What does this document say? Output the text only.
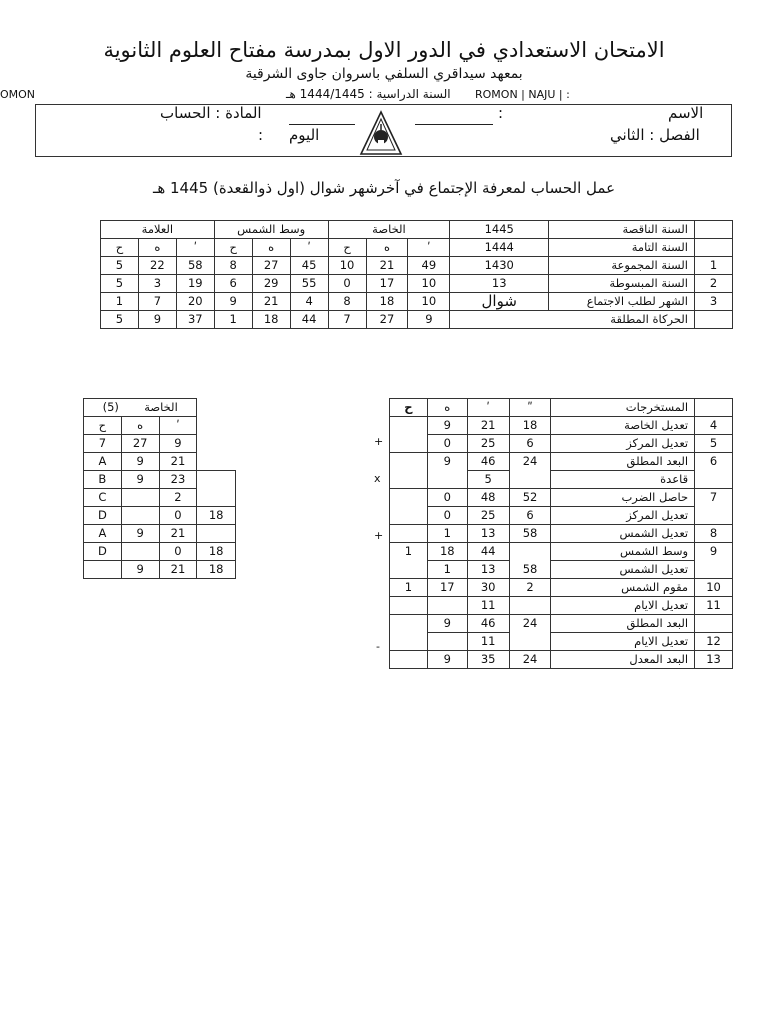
الامتحان الاستعدادي في الدور الاول بمدرسة مفتاح العلوم الثانوية
بمعهد سيداقري السلفي باسروان جاوى الشرقية
OMON	السنة الدراسية : 1444/1445 هـ ROMON | NAJU | :
الاسم
:
المادة : الحساب
الفصل : الثاني
اليوم
:
عمل الحساب لمعرفة الإجتماع في آخرشهر شوال (اول ذوالقعدة) 1445 هـ
العلامة			وسط الشمس			الخاصة			1445	السنة الناقصة	
ح	ه	ʹ	ح	ه	ʹ	ح	ه	ʹ	1444	السنة التامة	
5	22	58	8	27	45	10	21	49	1430	السنة المجموعة	1
5	3	19	6	29	55	0	17	10	13	السنة المبسوطة	2
1	7	20	9	21	4	8	18	10	شوال	الشهر لطلب الاجتماع	3
5	9	37	1	18	44	7	27	9	الحركاة المطلقة		
الخاصة  (5)			
ح	ه	ʹ	
7	27	9	
A	9	21	
B	9	23	
C		2	
D		0	18
A	9	21	
D		0	18
	9	21	18
+
x
+
-
ح	ه	ʹ	ʺ	المستخرجات	
	9	21	18	تعديل الخاصة	4
	0	25	6	تعديل المركز	5
	9	46	24	البعد المطلق	6
		5		قاعدة	
	0	48	52	حاصل الضرب	7
	0	25	6	تعديل المركز	
	1	13	58	تعديل الشمس	8
1	18	44		وسط الشمس	9
	1	13	58	تعديل الشمس	
1	17	30	2	مقوم الشمس	10
		11		تعديل الايام	11
	9	46	24	البعد المطلق	
		11		تعديل الايام	12
	9	35	24	البعد المعدل	13
